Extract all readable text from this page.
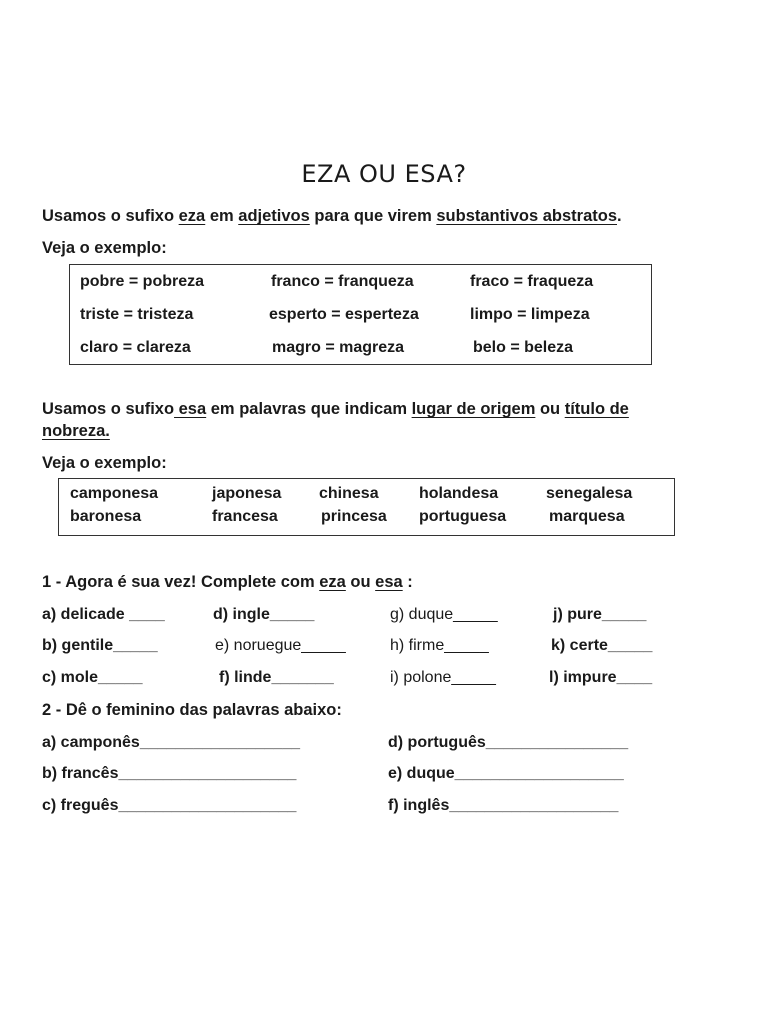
EZA OU ESA?
Usamos o sufixo eza em adjetivos para que virem substantivos abstratos.
Veja o exemplo:
pobre = pobreza	franco = franqueza	fraco = fraqueza
triste = tristeza	esperto = esperteza	limpo = limpeza
claro = clareza	magro = magreza	belo = beleza
Usamos o sufixo esa em palavras que indicam lugar de origem ou título de
nobreza.
Veja o exemplo:
camponesa	japonesa chinesa	holandesa	senegalesa
baronesa	francesa	princesa portuguesa	marquesa
1 - Agora é sua vez! Complete com eza ou esa :
a) delicade ____	d) ingle_____	g) duque_____	j) pure_____
b) gentile_____	e) noruegue_____	h) firme_____	k) certe_____
c) mole_____	f) linde_______	i) polone_____	l) impure____
2 - Dê o feminino das palavras abaixo:
a) camponês__________________	d) português________________
b) francês____________________	e) duque___________________
c) freguês____________________	f) inglês___________________
